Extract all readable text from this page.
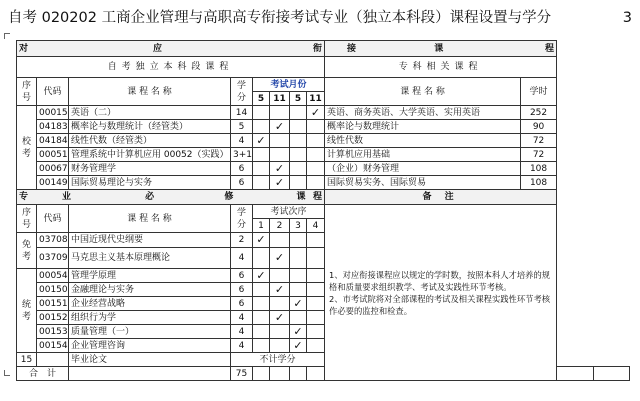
自考 020202 工商企业管理与高职高专衔接考试专业（独立本科段）课程设置与学分	3
对 应 衔								接 课 程			

自考独立本科段课程								专科相关课程			
序号	代码	课 程 名 称	学分	考试月份				课 程 名 称	学时		
				5	11	5	11				
校考	00015	英语（二）	14				✓	英语、商务英语、大学英语、实用英语	252		
	04183	概率论与数理统计（经管类）	5		✓			概率论与数理统计	90		
	04184	线性代数（经管类）	4	✓				线性代数	72		
	00051	管理系统中计算机应用 00052（实践）	3+1					计算机应用基础	72		
	00067	财务管理学	6		✓			（企业）财务管理	108		
	00149	国际贸易理论与实务	6		✓			国际贸易实务、国际贸易	108		

专 业 必 修 课 程								备 注			
序号	代码	课 程 名 称	学分	考试次序				1、对应衔接课程应以规定的学时数，按照本科人才培养的规格和质量要求组织教学、考试及实践性环节考核。
2、市考试院将对全部课程的考试及相关课程实践性环节考核作必要的监控和检查。			

				1	2	3	4				
免考	03708	中国近现代史纲要	2	✓							
	03709	马克思主义基本原理概论	4		✓						
统考	00054	管理学原理	6	✓							
	00150	金融理论与实务	6		✓						
	00151	企业经营战略	6			✓					
	00152	组织行为学	4		✓						
	00153	质量管理（一）	4			✓					
	00154	企业管理咨询	4			✓					
15		毕业论文	不计学分								
合　计			75								
